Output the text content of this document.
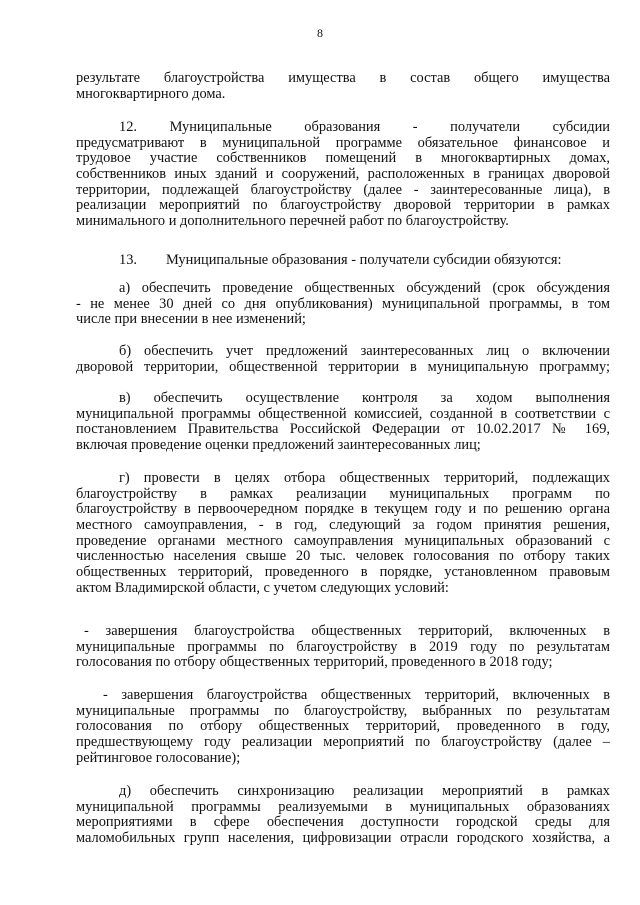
8
результате благоустройства имущества в состав общего имущества
многоквартирного дома.
12. Муниципальные образования - получатели субсидии
предусматривают в муниципальной программе обязательное финансовое и
трудовое участие собственников помещений в многоквартирных домах,
собственников иных зданий и сооружений, расположенных в границах дворовой
территории, подлежащей благоустройству (далее - заинтересованные лица), в
реализации мероприятий по благоустройству дворовой территории в рамках
минимального и дополнительного перечней работ по благоустройству.
13. Муниципальные образования - получатели субсидии обязуются:
а) обеспечить проведение общественных обсуждений (срок обсуждения
- не менее 30 дней со дня опубликования) муниципальной программы, в том
числе при внесении в нее изменений;
б) обеспечить учет предложений заинтересованных лиц о включении
дворовой территории, общественной территории в муниципальную программу;
в) обеспечить осуществление контроля за ходом выполнения
муниципальной программы общественной комиссией, созданной в соответствии с
постановлением Правительства Российской Федерации от 10.02.2017 № 169,
включая проведение оценки предложений заинтересованных лиц;
г) провести в целях отбора общественных территорий, подлежащих
благоустройству в рамках реализации муниципальных программ по
благоустройству в первоочередном порядке в текущем году и по решению органа
местного самоуправления, - в год, следующий за годом принятия решения,
проведение органами местного самоуправления муниципальных образований с
численностью населения свыше 20 тыс. человек голосования по отбору таких
общественных территорий, проведенного в порядке, установленном правовым
актом Владимирской области, с учетом следующих условий:
- завершения благоустройства общественных территорий, включенных в
муниципальные программы по благоустройству в 2019 году по результатам
голосования по отбору общественных территорий, проведенного в 2018 году;
- завершения благоустройства общественных территорий, включенных в
муниципальные программы по благоустройству, выбранных по результатам
голосования по отбору общественных территорий, проведенного в году,
предшествующему году реализации мероприятий по благоустройству (далее –
рейтинговое голосование);
д) обеспечить синхронизацию реализации мероприятий в рамках
муниципальной программы реализуемыми в муниципальных образованиях
мероприятиями в сфере обеспечения доступности городской среды для
маломобильных групп населения, цифровизации отрасли городского хозяйства, а
